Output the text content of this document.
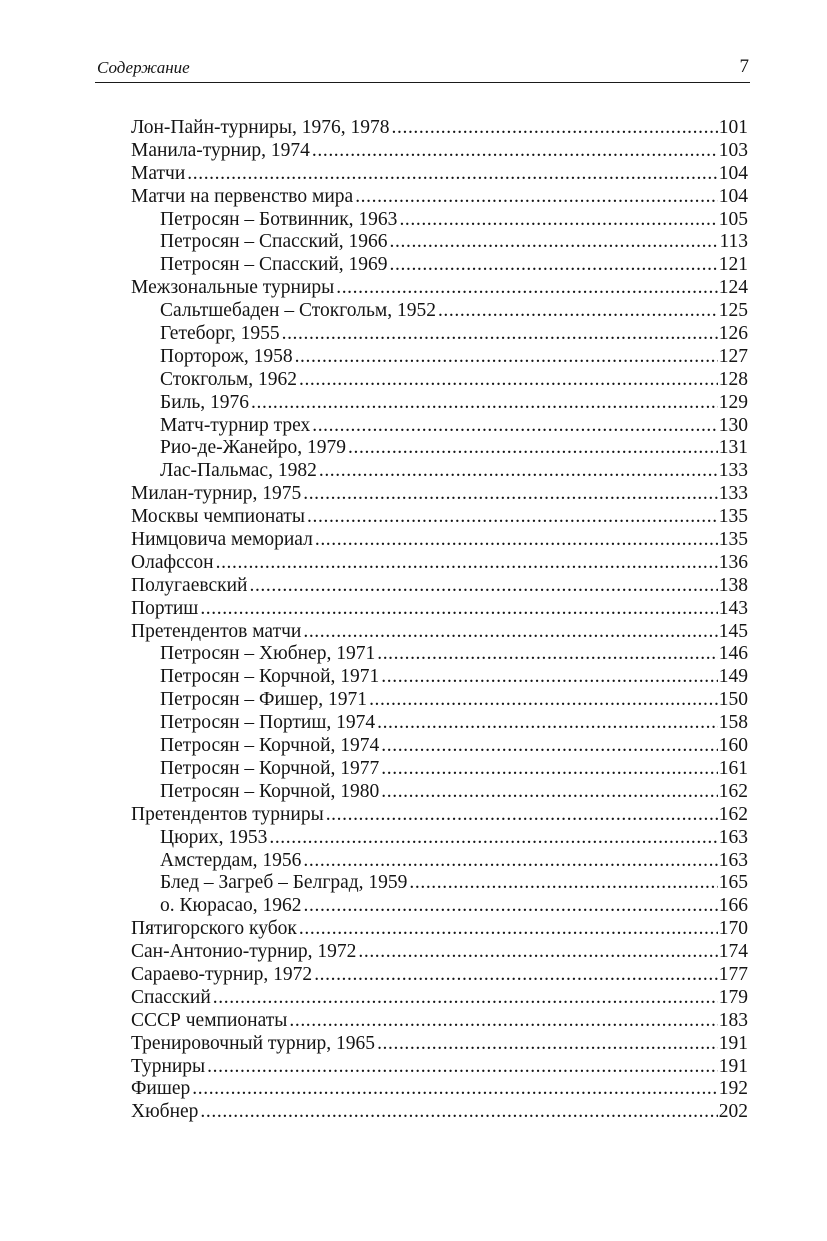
Содержание	7
Лон-Пайн-турниры, 1976, 1978 .....	101
Манила-турнир, 1974 .....	103
Матчи .....	104
Матчи на первенство мира .....	104
Петросян – Ботвинник, 1963 .....	105
Петросян – Спасский, 1966 .....	113
Петросян – Спасский, 1969 .....	121
Межзональные турниры .....	124
Сальтшебаден – Стокгольм, 1952 .....	125
Гетеборг, 1955 .....	126
Порторож, 1958 .....	127
Стокгольм, 1962 .....	128
Биль, 1976 .....	129
Матч-турнир трех .....	130
Рио-де-Жанейро, 1979 .....	131
Лас-Пальмас, 1982 .....	133
Милан-турнир, 1975 .....	133
Москвы чемпионаты .....	135
Нимцовича мемориал .....	135
Олафссон .....	136
Полугаевский .....	138
Портиш .....	143
Претендентов матчи .....	145
Петросян – Хюбнер, 1971 .....	146
Петросян – Корчной, 1971 .....	149
Петросян – Фишер, 1971 .....	150
Петросян – Портиш, 1974 .....	158
Петросян – Корчной, 1974 .....	160
Петросян – Корчной, 1977 .....	161
Петросян – Корчной, 1980 .....	162
Претендентов турниры .....	162
Цюрих, 1953 .....	163
Амстердам, 1956 .....	163
Блед – Загреб – Белград, 1959 .....	165
о. Кюрасао, 1962 .....	166
Пятигорского кубок .....	170
Сан-Антонио-турнир, 1972 .....	174
Сараево-турнир, 1972 .....	177
Спасский .....	179
СССР чемпионаты .....	183
Тренировочный турнир, 1965 .....	191
Турниры .....	191
Фишер .....	192
Хюбнер .....	202
